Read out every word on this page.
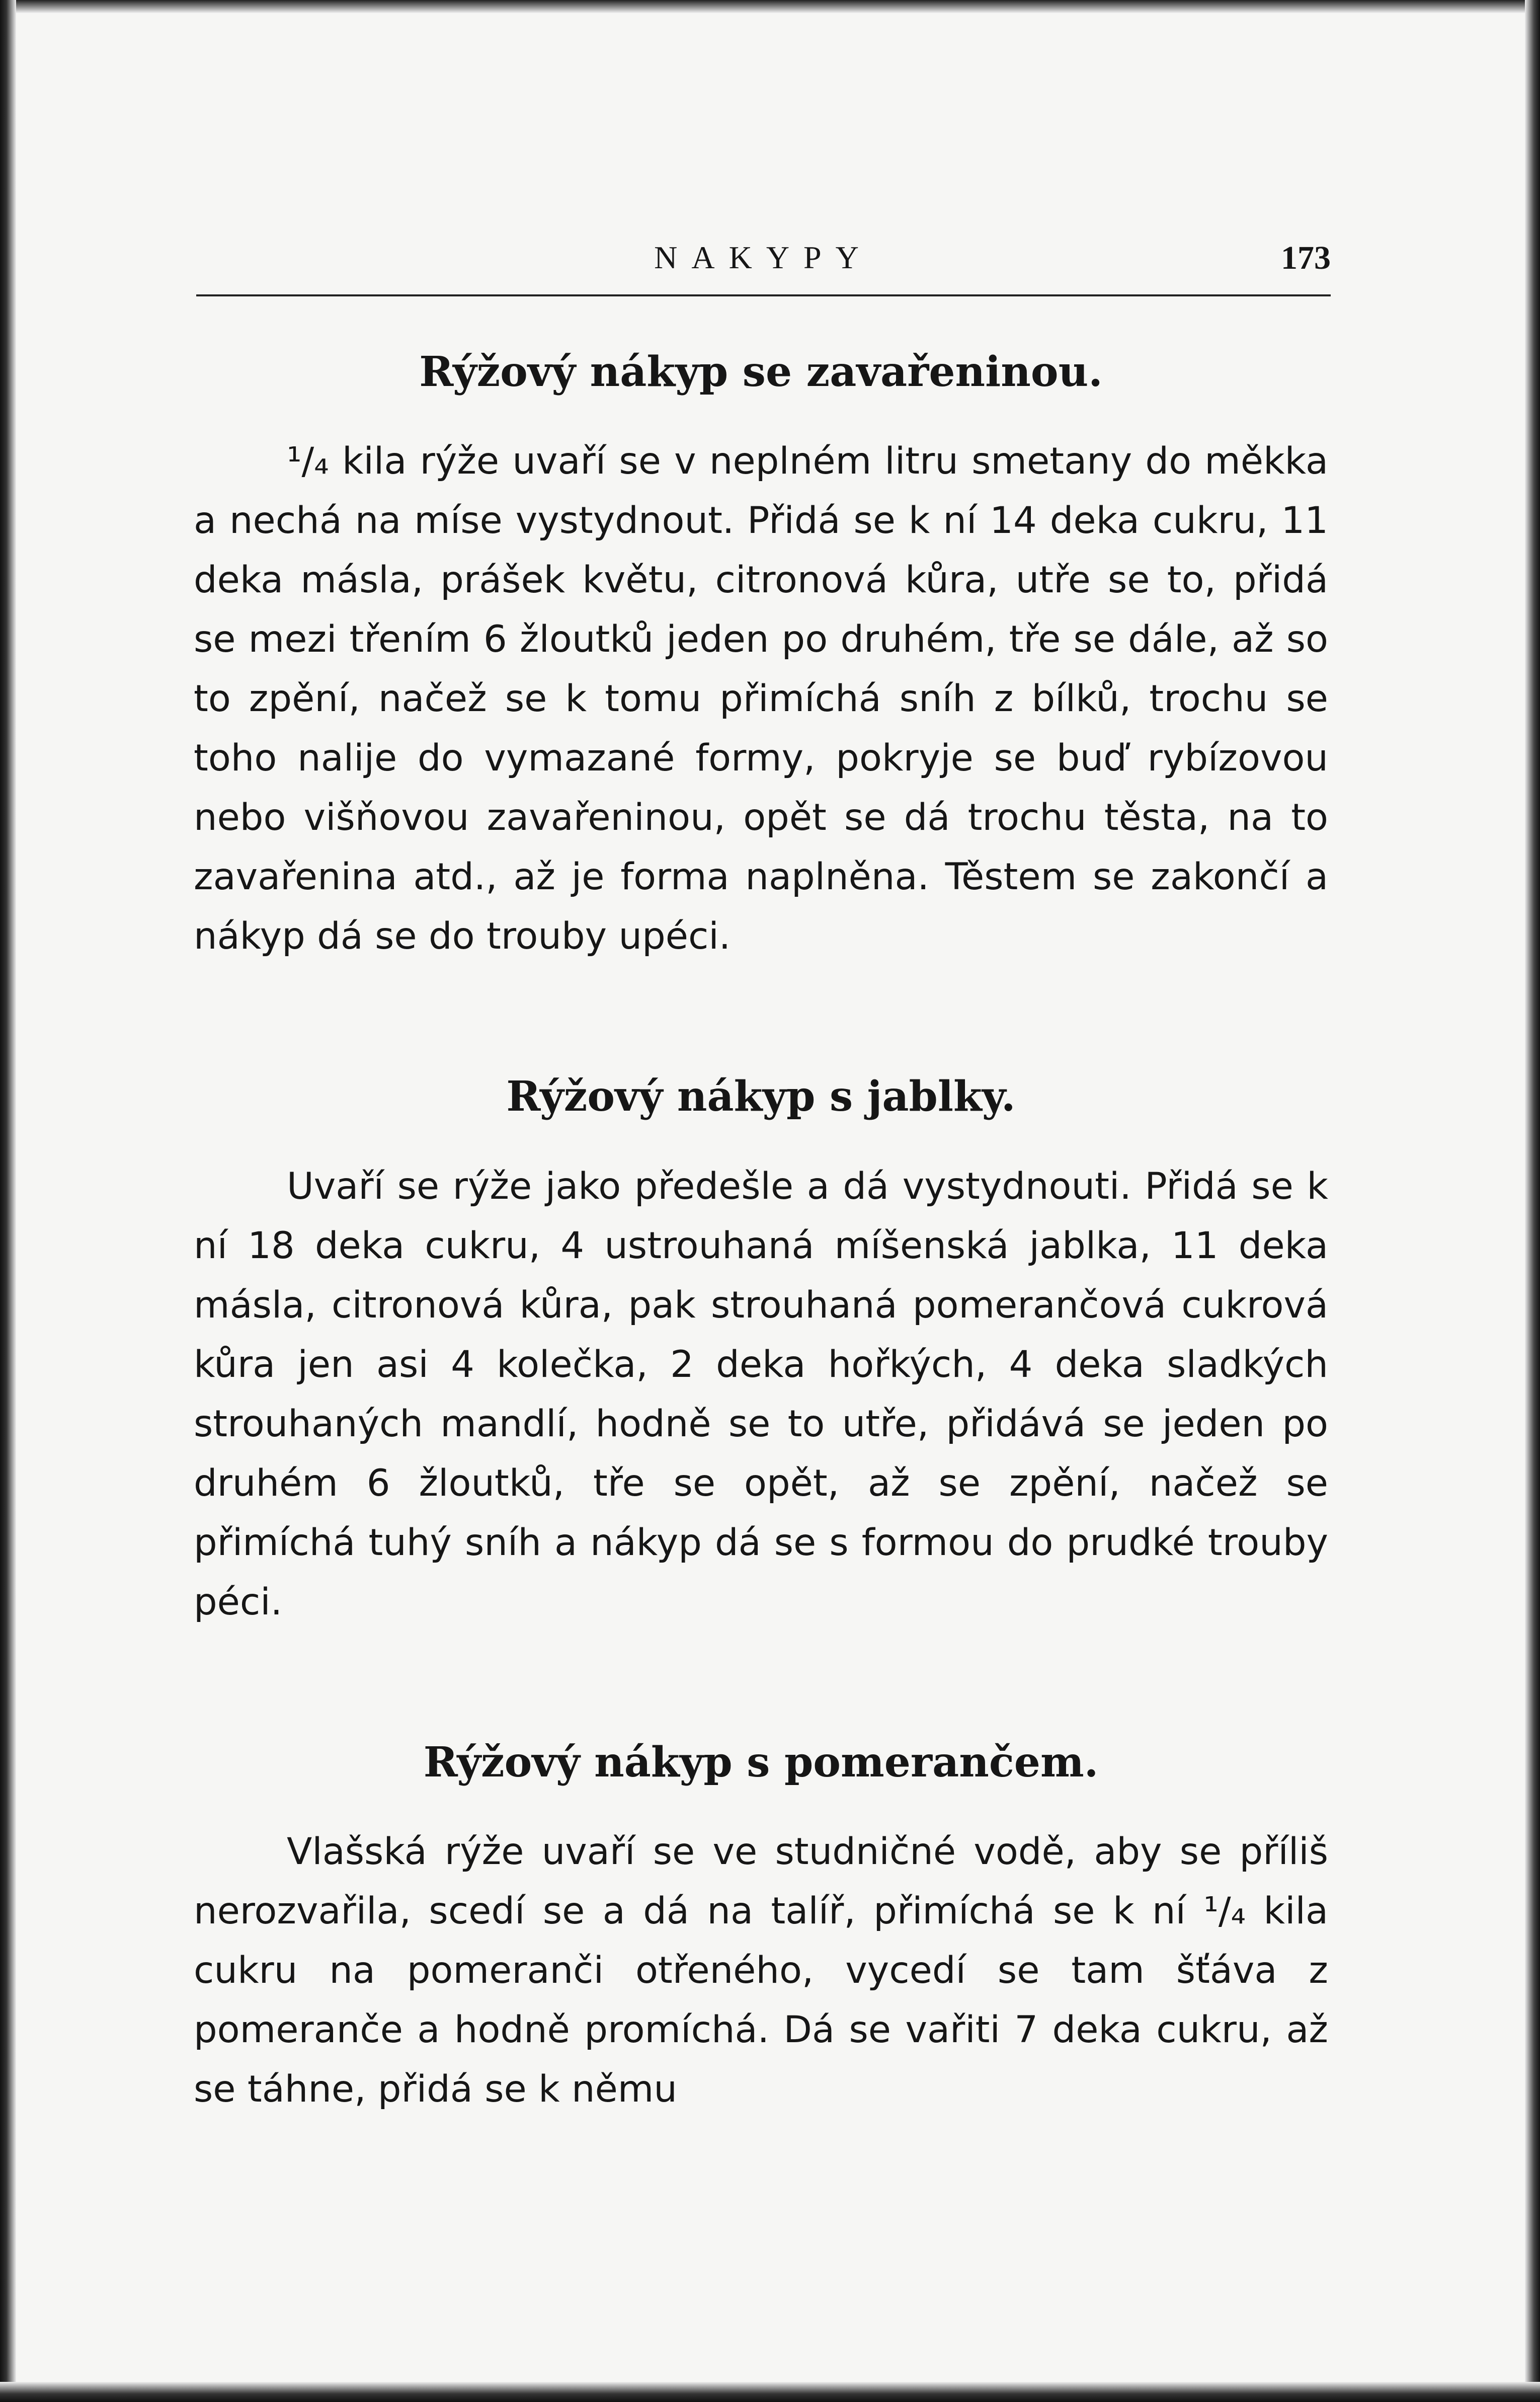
NAKYPY	173
Rýžový nákyp se zavařeninou.

¹/₄ kila rýže uvaří se v neplném litru smetany do měkka a nechá na míse vystydnout. Přidá se k ní 14 deka cukru, 11 deka másla, prášek květu, citronová kůra, utře se to, přidá se mezi třením 6 žloutků jeden po druhém, tře se dále, až so to zpění, načež se k tomu přimíchá sníh z bílků, trochu se toho nalije do vymazané formy, pokryje se buď rybízovou nebo višňovou zavařeninou, opět se dá trochu těsta, na to zavařenina atd., až je forma naplněna. Těstem se zakončí a nákyp dá se do trouby upéci.

Rýžový nákyp s jablky.

Uvaří se rýže jako předešle a dá vystydnouti. Přidá se k ní 18 deka cukru, 4 ustrouhaná míšenská jablka, 11 deka másla, citronová kůra, pak strouhaná pomerančová cukrová kůra jen asi 4 kolečka, 2 deka hořkých, 4 deka sladkých strouhaných mandlí, hodně se to utře, přidává se jeden po druhém 6 žloutků, tře se opět, až se zpění, načež se přimíchá tuhý sníh a nákyp dá se s formou do prudké trouby péci.

Rýžový nákyp s pomerančem.

Vlašská rýže uvaří se ve studničné vodě, aby se příliš nerozvařila, scedí se a dá na talíř, přimíchá se k ní ¹/₄ kila cukru na pomeranči otřeného, vycedí se tam šťáva z pomeranče a hodně promíchá. Dá se vařiti 7 deka cukru, až se táhne, přidá se k němu
